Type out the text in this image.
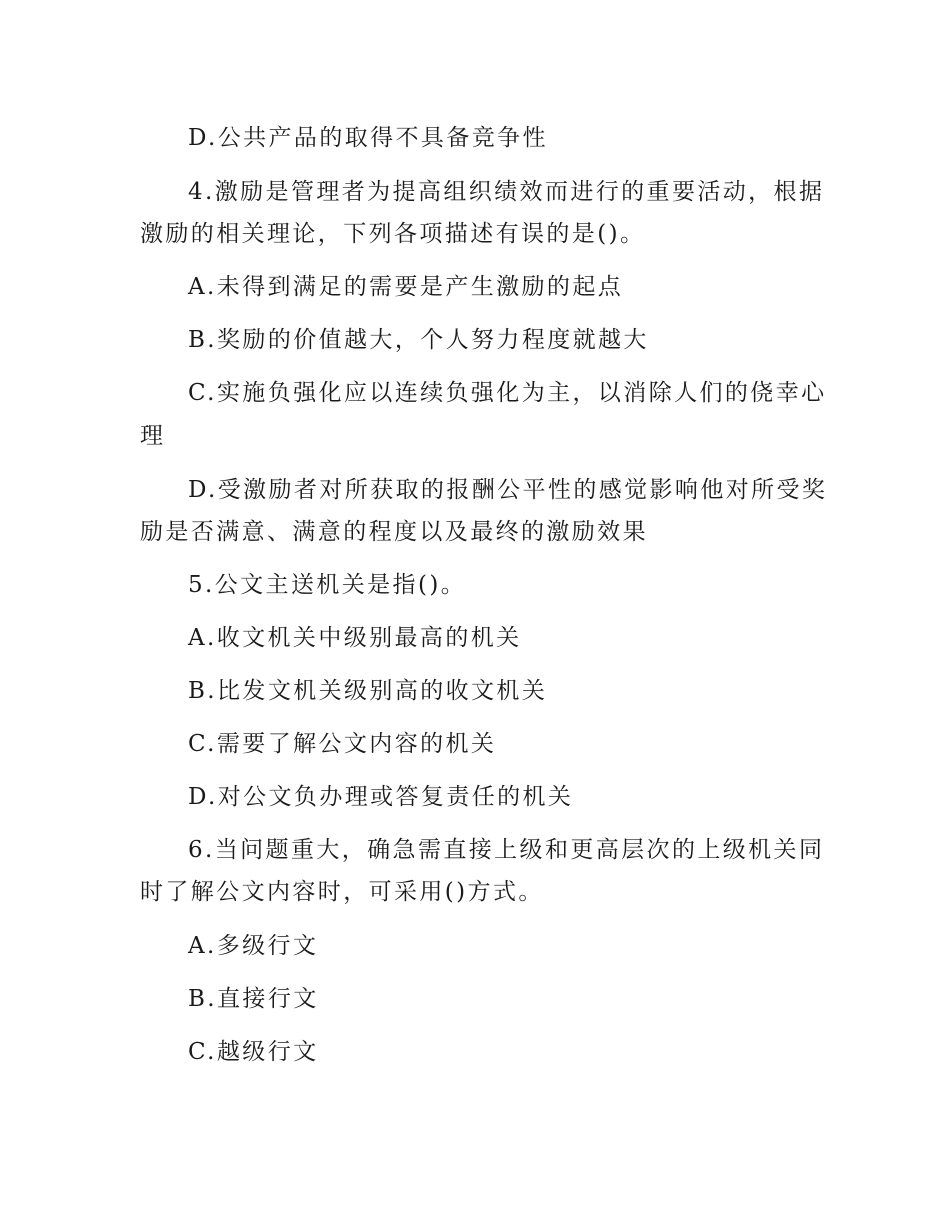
D.公共产品的取得不具备竞争性

4.激励是管理者为提高组织绩效而进行的重要活动，根据

激励的相关理论，下列各项描述有误的是()。

A.未得到满足的需要是产生激励的起点

B.奖励的价值越大，个人努力程度就越大

C.实施负强化应以连续负强化为主，以消除人们的侥幸心

理

D.受激励者对所获取的报酬公平性的感觉影响他对所受奖

励是否满意、满意的程度以及最终的激励效果

5.公文主送机关是指()。

A.收文机关中级别最高的机关

B.比发文机关级别高的收文机关

C.需要了解公文内容的机关

D.对公文负办理或答复责任的机关

6.当问题重大，确急需直接上级和更高层次的上级机关同

时了解公文内容时，可采用()方式。

A.多级行文

B.直接行文

C.越级行文
